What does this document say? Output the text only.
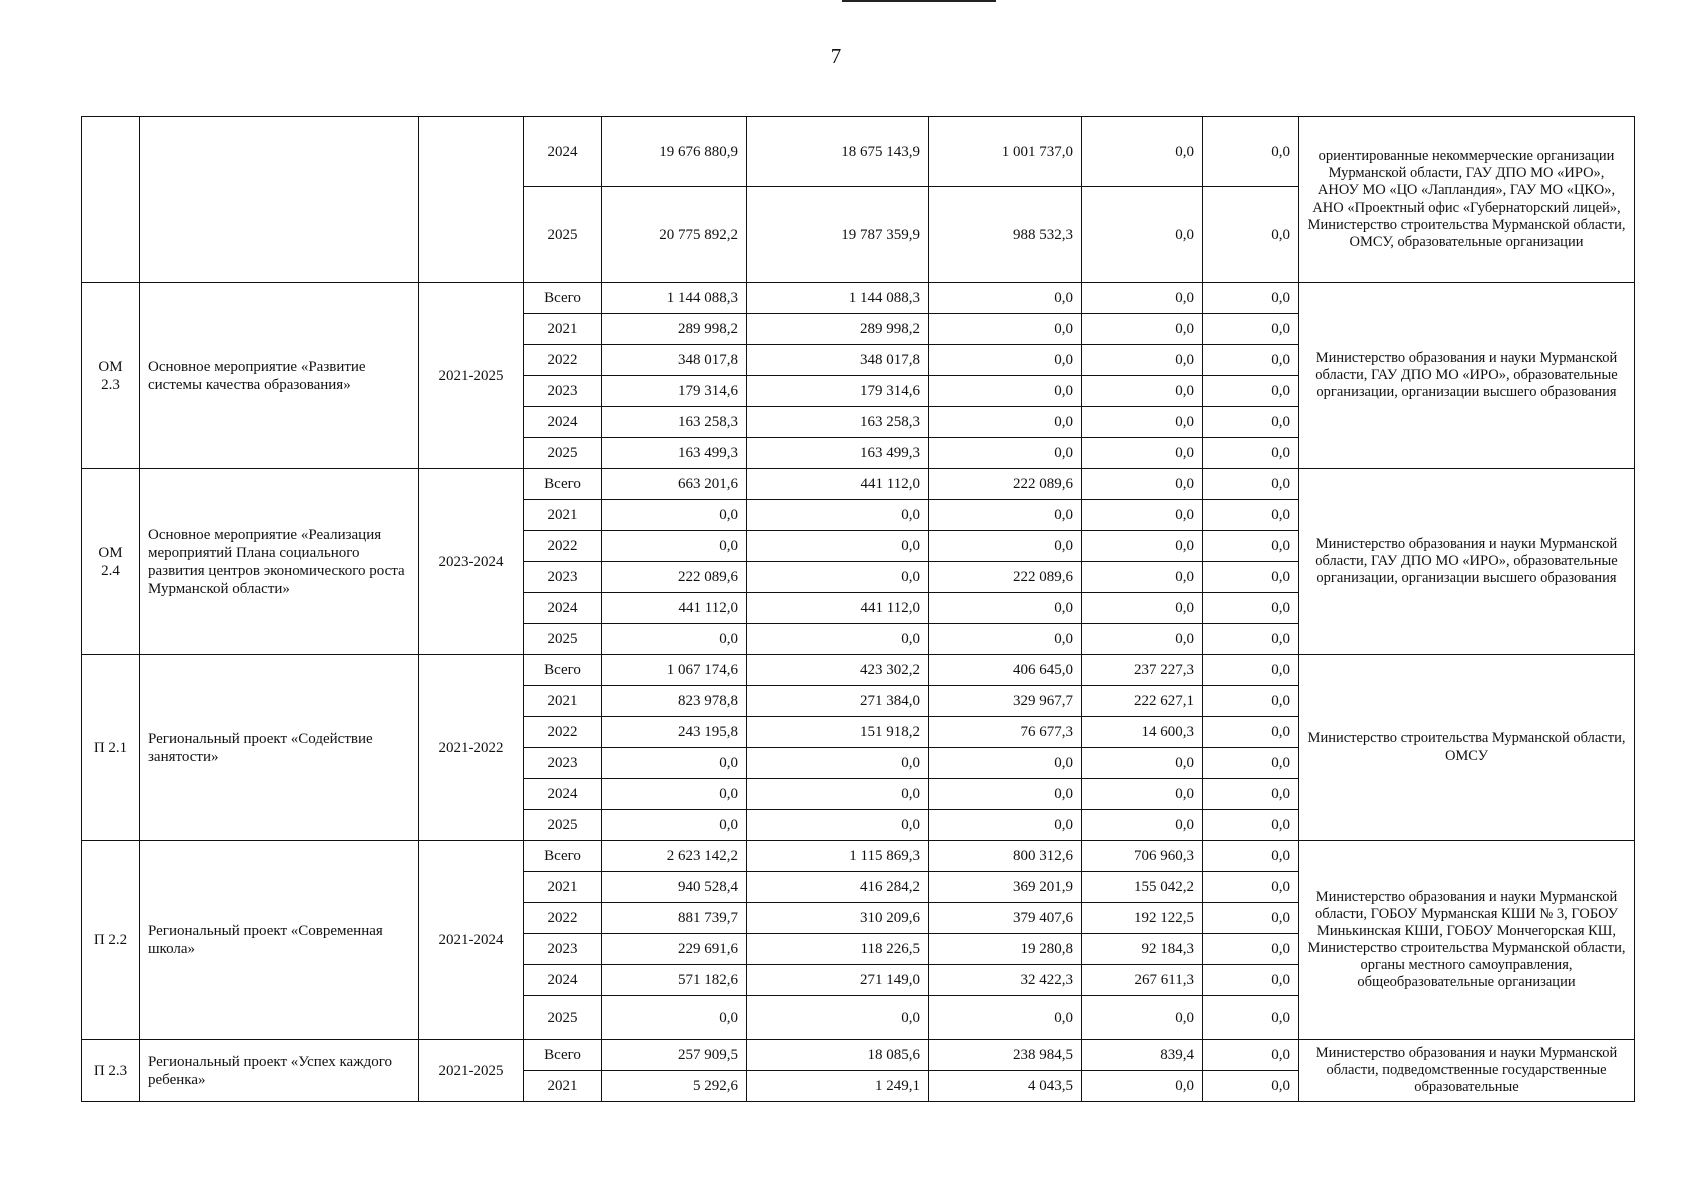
7
			2024	19 676 880,9	18 675 143,9	1 001 737,0	0,0	0,0	ориентированные некоммерческие организации Мурманской области, ГАУ ДПО МО «ИРО», АНОУ МО «ЦО «Лапландия», ГАУ МО «ЦКО», АНО «Проектный офис «Губернаторский лицей», Министерство строительства Мурманской области, ОМСУ, образовательные организации
			2025	20 775 892,2	19 787 359,9	988 532,3	0,0	0,0	
ОМ 2.3	Основное мероприятие «Развитие системы качества образования»	2021-2025	Всего	1 144 088,3	1 144 088,3	0,0	0,0	0,0	Министерство образования и науки Мурманской области, ГАУ ДПО МО «ИРО», образовательные организации, организации высшего образования
			2021	289 998,2	289 998,2	0,0	0,0	0,0	
			2022	348 017,8	348 017,8	0,0	0,0	0,0	
			2023	179 314,6	179 314,6	0,0	0,0	0,0	
			2024	163 258,3	163 258,3	0,0	0,0	0,0	
			2025	163 499,3	163 499,3	0,0	0,0	0,0	
ОМ 2.4	Основное мероприятие «Реализация мероприятий Плана социального развития центров экономического роста Мурманской области»	2023-2024	Всего	663 201,6	441 112,0	222 089,6	0,0	0,0	Министерство образования и науки Мурманской области, ГАУ ДПО МО «ИРО», образовательные организации, организации высшего образования
			2021	0,0	0,0	0,0	0,0	0,0	
			2022	0,0	0,0	0,0	0,0	0,0	
			2023	222 089,6	0,0	222 089,6	0,0	0,0	
			2024	441 112,0	441 112,0	0,0	0,0	0,0	
			2025	0,0	0,0	0,0	0,0	0,0	
П 2.1	Региональный проект «Содействие занятости»	2021-2022	Всего	1 067 174,6	423 302,2	406 645,0	237 227,3	0,0	Министерство строительства Мурманской области, ОМСУ
			2021	823 978,8	271 384,0	329 967,7	222 627,1	0,0	
			2022	243 195,8	151 918,2	76 677,3	14 600,3	0,0	
			2023	0,0	0,0	0,0	0,0	0,0	
			2024	0,0	0,0	0,0	0,0	0,0	
			2025	0,0	0,0	0,0	0,0	0,0	
П 2.2	Региональный проект «Современная школа»	2021-2024	Всего	2 623 142,2	1 115 869,3	800 312,6	706 960,3	0,0	Министерство образования и науки Мурманской области, ГОБОУ Мурманская КШИ № 3, ГОБОУ Минькинская КШИ, ГОБОУ Мончегорская КШ, Министерство строительства Мурманской области, органы местного самоуправления, общеобразовательные организации
			2021	940 528,4	416 284,2	369 201,9	155 042,2	0,0	
			2022	881 739,7	310 209,6	379 407,6	192 122,5	0,0	
			2023	229 691,6	118 226,5	19 280,8	92 184,3	0,0	
			2024	571 182,6	271 149,0	32 422,3	267 611,3	0,0	
			2025	0,0	0,0	0,0	0,0	0,0	
П 2.3	Региональный проект «Успех каждого ребенка»	2021-2025	Всего	257 909,5	18 085,6	238 984,5	839,4	0,0	Министерство образования и науки Мурманской области, подведомственные государственные образовательные
			2021	5 292,6	1 249,1	4 043,5	0,0	0,0	
